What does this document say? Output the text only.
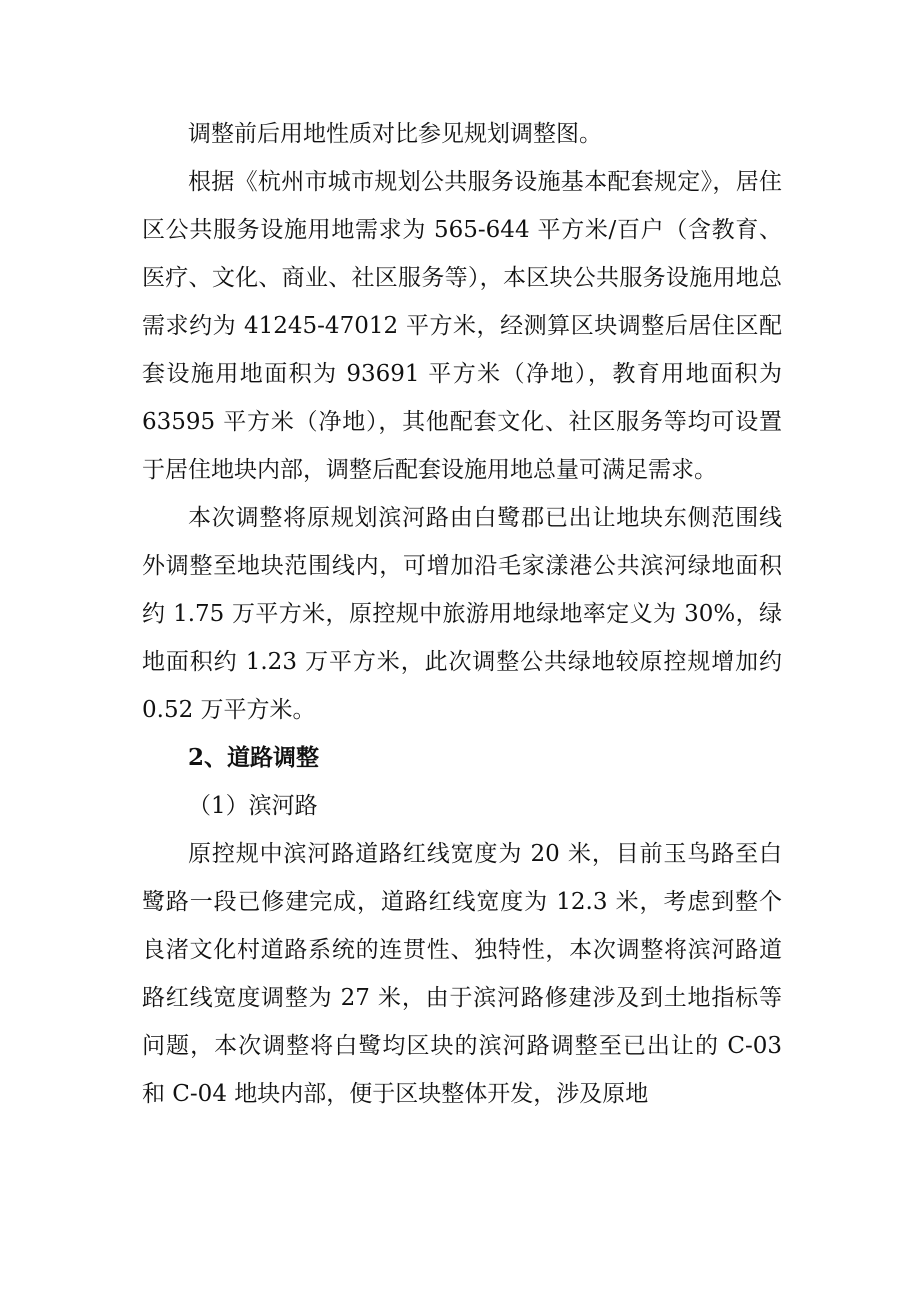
调整前后用地性质对比参见规划调整图。

根据《杭州市城市规划公共服务设施基本配套规定》，居住区公共服务设施用地需求为 565-644 平方米/百户（含教育、医疗、文化、商业、社区服务等），本区块公共服务设施用地总需求约为 41245-47012 平方米，经测算区块调整后居住区配套设施用地面积为 93691 平方米（净地），教育用地面积为 63595 平方米（净地），其他配套文化、社区服务等均可设置于居住地块内部，调整后配套设施用地总量可满足需求。

本次调整将原规划滨河路由白鹭郡已出让地块东侧范围线外调整至地块范围线内，可增加沿毛家漾港公共滨河绿地面积约 1.75 万平方米，原控规中旅游用地绿地率定义为 30%，绿地面积约 1.23 万平方米，此次调整公共绿地较原控规增加约 0.52 万平方米。

2、道路调整

（1）滨河路

原控规中滨河路道路红线宽度为 20 米，目前玉鸟路至白鹭路一段已修建完成，道路红线宽度为 12.3 米，考虑到整个良渚文化村道路系统的连贯性、独特性，本次调整将滨河路道路红线宽度调整为 27 米，由于滨河路修建涉及到土地指标等问题，本次调整将白鹭均区块的滨河路调整至已出让的 C-03 和 C-04 地块内部，便于区块整体开发，涉及原地
